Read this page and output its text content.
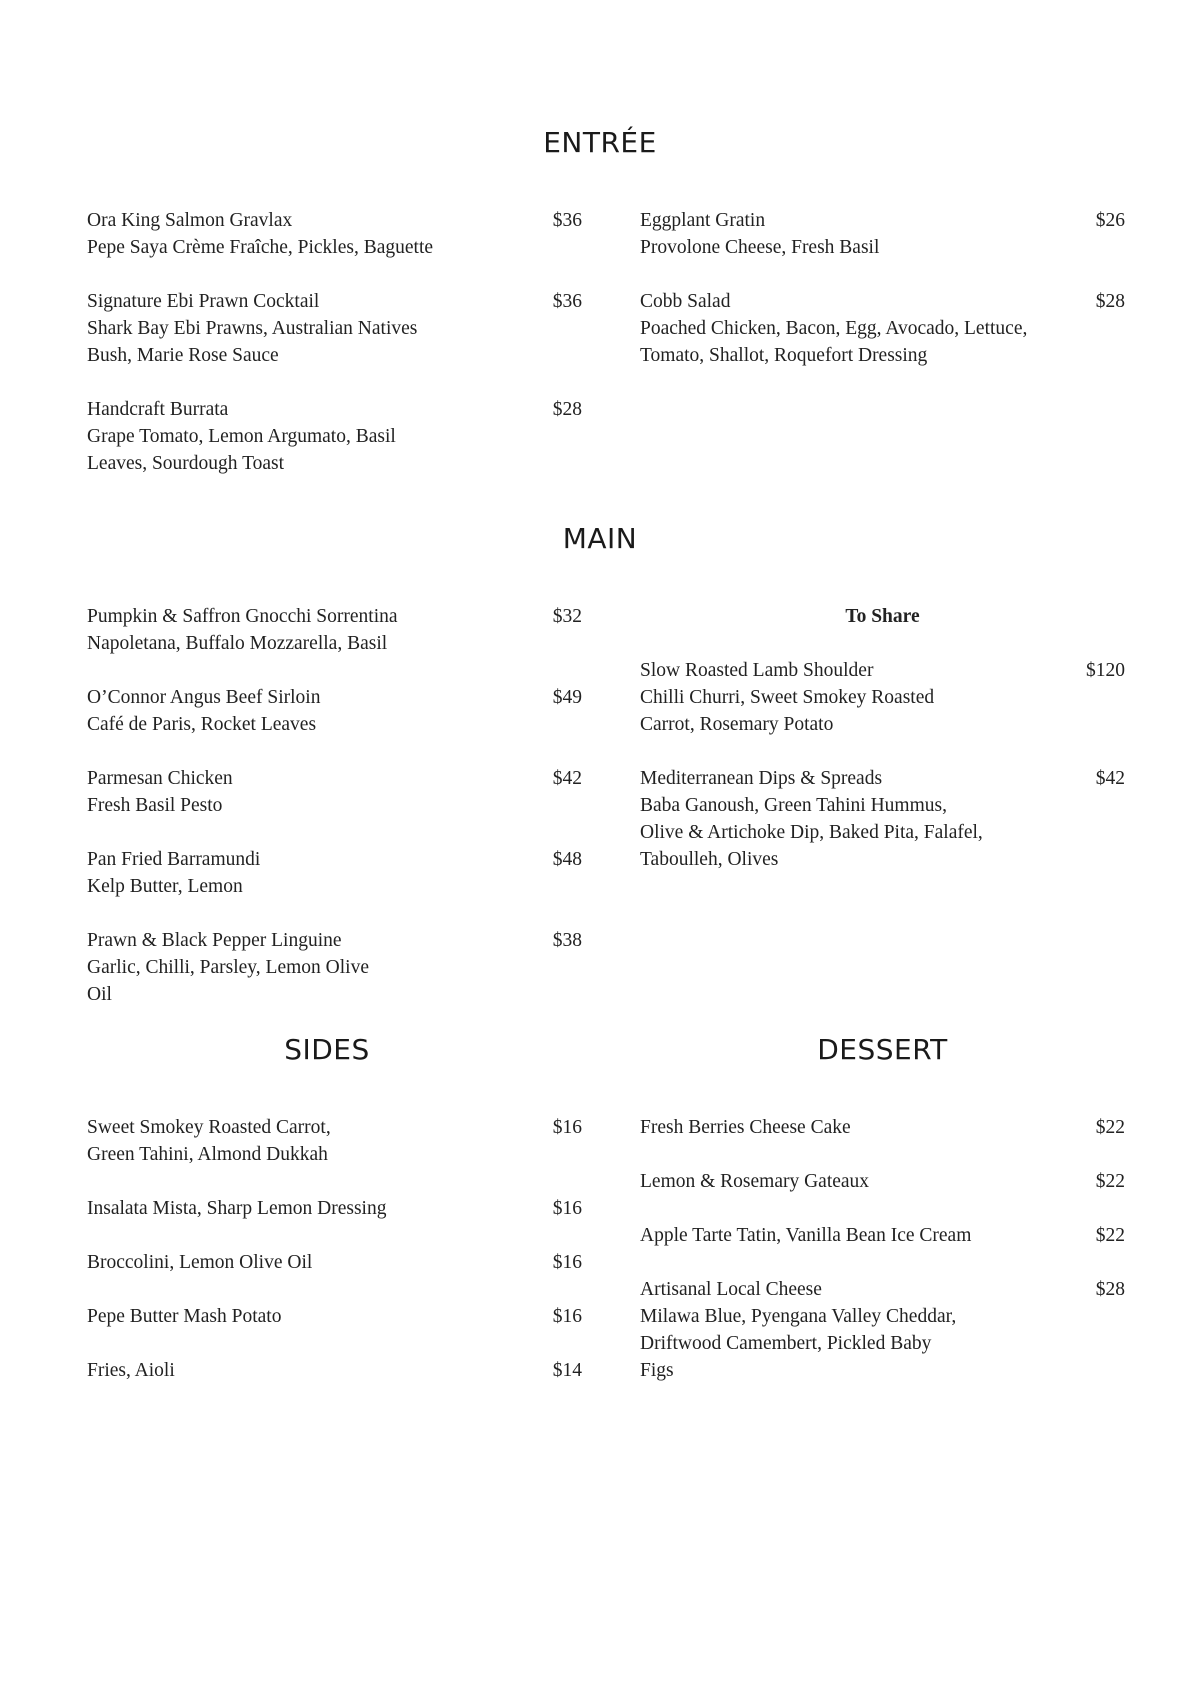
ENTRÉE
Ora King Salmon Gravlax	$36
Pepe Saya Crème Fraîche, Pickles, Baguette
Signature Ebi Prawn Cocktail	$36
Shark Bay Ebi Prawns, Australian Natives
Bush, Marie Rose Sauce
Handcraft Burrata	$28
Grape Tomato, Lemon Argumato, Basil
Leaves, Sourdough Toast
Eggplant Gratin	$26
Provolone Cheese, Fresh Basil
Cobb Salad	$28
Poached Chicken, Bacon, Egg, Avocado, Lettuce,
Tomato, Shallot, Roquefort Dressing
MAIN
Pumpkin & Saffron Gnocchi Sorrentina	$32
Napoletana, Buffalo Mozzarella, Basil
O’Connor Angus Beef Sirloin	$49
Café de Paris, Rocket Leaves
Parmesan Chicken	$42
Fresh Basil Pesto
Pan Fried Barramundi	$48
Kelp Butter, Lemon
Prawn & Black Pepper Linguine	$38
Garlic, Chilli, Parsley, Lemon Olive
Oil
To Share
Slow Roasted Lamb Shoulder	$120
Chilli Churri, Sweet Smokey Roasted
Carrot, Rosemary Potato
Mediterranean Dips & Spreads	$42
Baba Ganoush, Green Tahini Hummus,
Olive & Artichoke Dip, Baked Pita, Falafel,
Taboulleh, Olives
SIDES
Sweet Smokey Roasted Carrot,	$16
Green Tahini, Almond Dukkah
Insalata Mista, Sharp Lemon Dressing	$16
Broccolini, Lemon Olive Oil	$16
Pepe Butter Mash Potato	$16
Fries, Aioli	$14
DESSERT
Fresh Berries Cheese Cake	$22
Lemon & Rosemary Gateaux	$22
Apple Tarte Tatin, Vanilla Bean Ice Cream	$22
Artisanal Local Cheese	$28
Milawa Blue, Pyengana Valley Cheddar,
Driftwood Camembert, Pickled Baby
Figs
